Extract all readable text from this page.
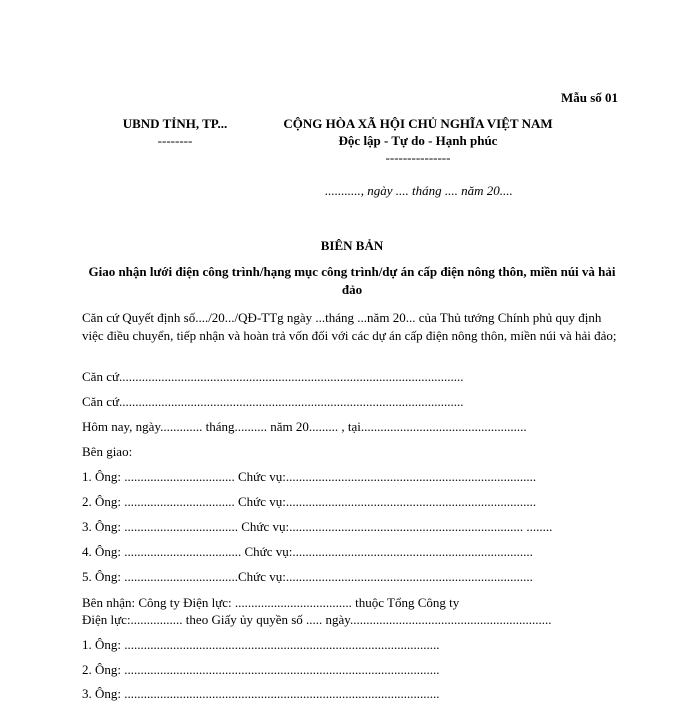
Mẫu số 01
UBND TỈNH, TP...
--------
CỘNG HÒA XÃ HỘI CHỦ NGHĨA VIỆT NAM
Độc lập - Tự do - Hạnh phúc
---------------
..........., ngày .... tháng .... năm 20....
BIÊN BẢN
Giao nhận lưới điện công trình/hạng mục công trình/dự án cấp điện nông thôn, miền núi và hải đảo
Căn cứ Quyết định số..../20.../QĐ-TTg ngày ...tháng ...năm 20... của Thủ tướng Chính phủ quy định việc điều chuyển, tiếp nhận và hoàn trả vốn đối với các dự án cấp điện nông thôn, miền núi và hải đảo;
Căn cứ..........................................................................................................
Căn cứ..........................................................................................................
Hôm nay, ngày............. tháng.......... năm 20......... , tại...................................................
Bên giao:
1. Ông: .................................. Chức vụ:.............................................................................
2. Ông: .................................. Chức vụ:.............................................................................
3. Ông: ................................... Chức vụ:........................................................................ ........
4. Ông: .................................... Chức vụ:..........................................................................
5. Ông: ...................................Chức vụ:............................................................................
Bên nhận: Công ty Điện lực: .................................... thuộc Tổng Công ty
Điện lực:................ theo Giấy ủy quyền số ..... ngày..............................................................
1. Ông: .................................................................................................
2. Ông: .................................................................................................
3. Ông: .................................................................................................
